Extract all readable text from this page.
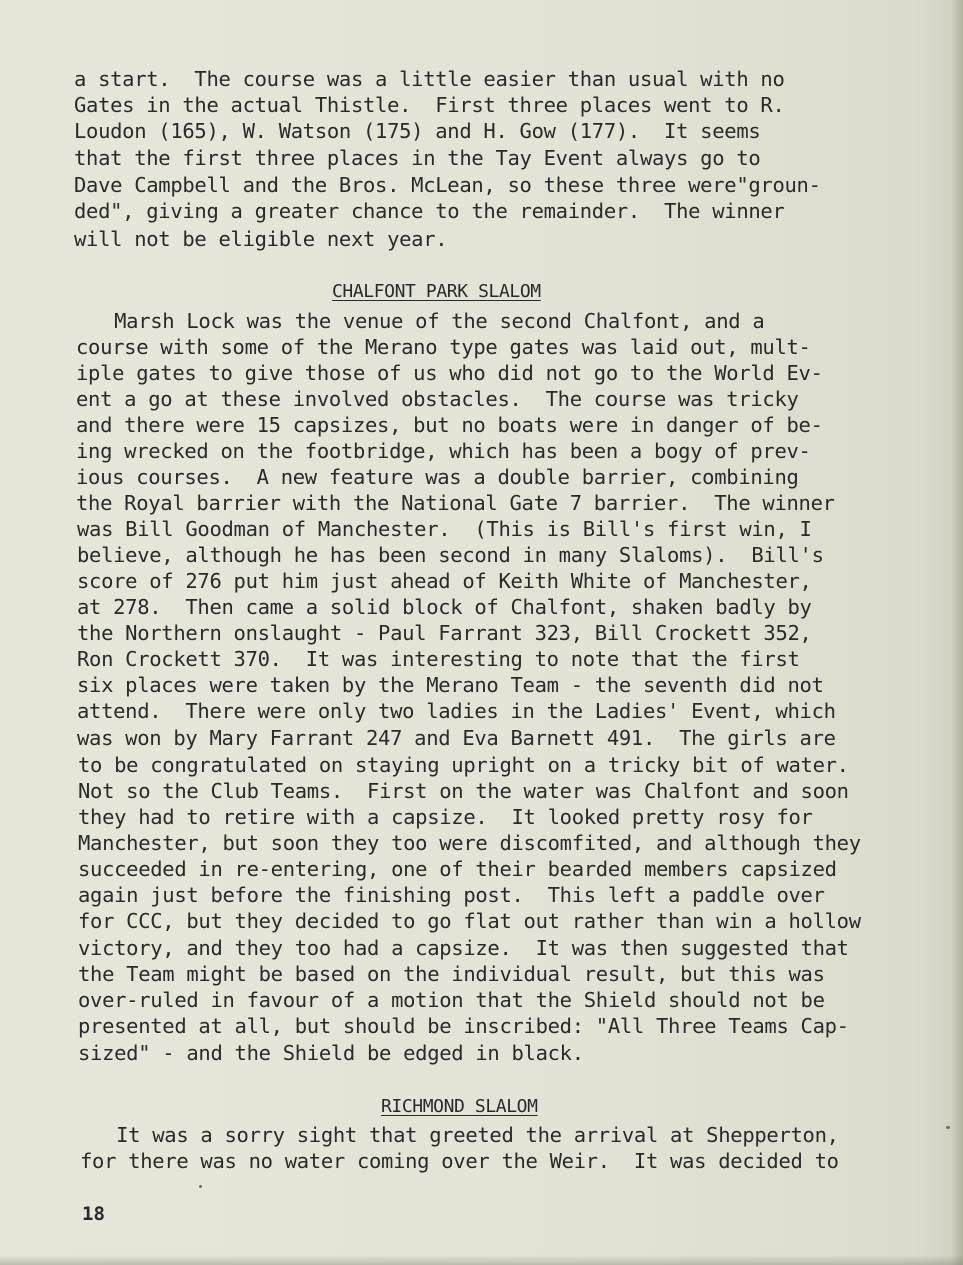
a start.  The course was a little easier than usual with no
Gates in the actual Thistle.  First three places went to R.
Loudon (165), W. Watson (175) and H. Gow (177).  It seems
that the first three places in the Tay Event always go to
Dave Campbell and the Bros. McLean, so these three were"groun-
ded", giving a greater chance to the remainder.  The winner
will not be eligible next year.
CHALFONT PARK SLALOM
Marsh Lock was the venue of the second Chalfont, and a
course with some of the Merano type gates was laid out, mult-
iple gates to give those of us who did not go to the World Ev-
ent a go at these involved obstacles.  The course was tricky
and there were 15 capsizes, but no boats were in danger of be-
ing wrecked on the footbridge, which has been a bogy of prev-
ious courses.  A new feature was a double barrier, combining
the Royal barrier with the National Gate 7 barrier.  The winner
was Bill Goodman of Manchester.  (This is Bill's first win, I
believe, although he has been second in many Slaloms).  Bill's
score of 276 put him just ahead of Keith White of Manchester,
at 278.  Then came a solid block of Chalfont, shaken badly by
the Northern onslaught - Paul Farrant 323, Bill Crockett 352,
Ron Crockett 370.  It was interesting to note that the first
six places were taken by the Merano Team - the seventh did not
attend.  There were only two ladies in the Ladies' Event, which
was won by Mary Farrant 247 and Eva Barnett 491.  The girls are
to be congratulated on staying upright on a tricky bit of water.
Not so the Club Teams.  First on the water was Chalfont and soon
they had to retire with a capsize.  It looked pretty rosy for
Manchester, but soon they too were discomfited, and although they
succeeded in re-entering, one of their bearded members capsized
again just before the finishing post.  This left a paddle over
for CCC, but they decided to go flat out rather than win a hollow
victory, and they too had a capsize.  It was then suggested that
the Team might be based on the individual result, but this was
over-ruled in favour of a motion that the Shield should not be
presented at all, but should be inscribed: "All Three Teams Cap-
sized" - and the Shield be edged in black.
RICHMOND SLALOM
It was a sorry sight that greeted the arrival at Shepperton,
for there was no water coming over the Weir.  It was decided to
18
